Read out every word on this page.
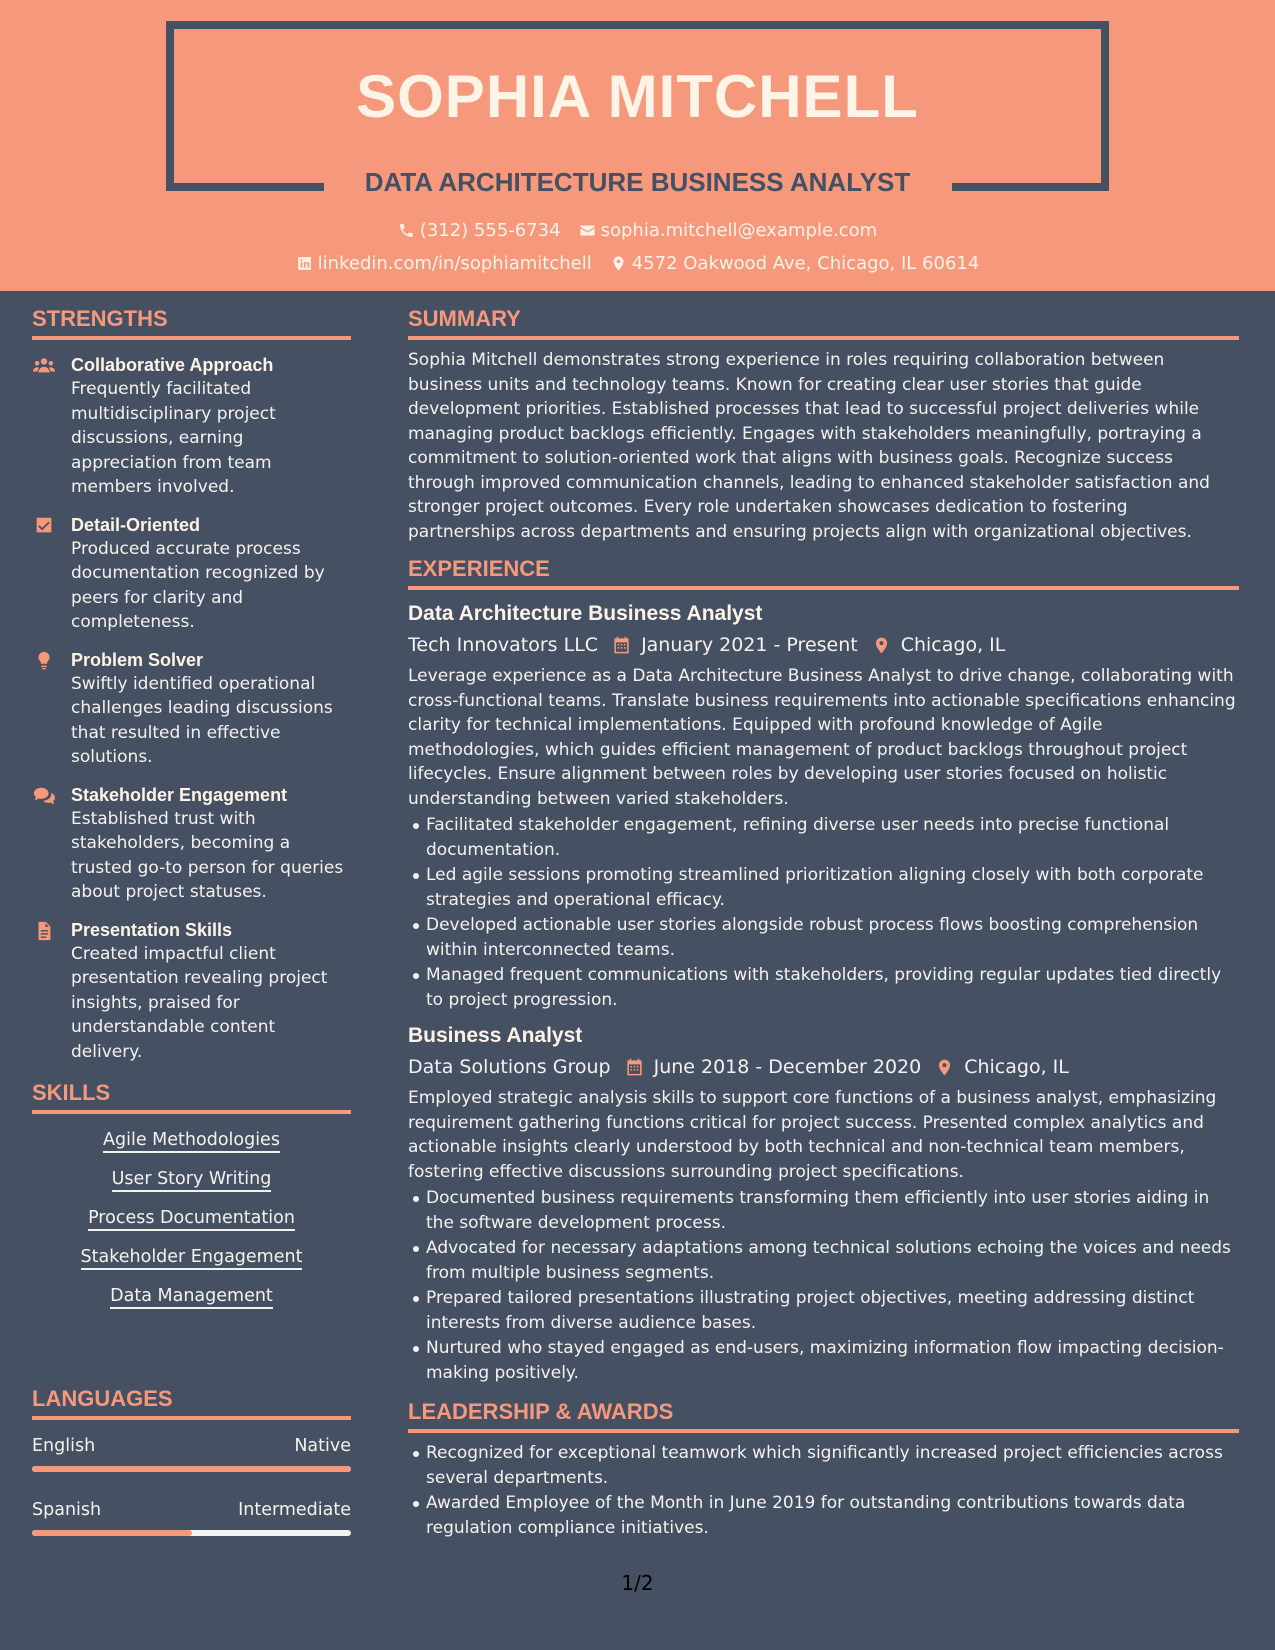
SOPHIA MITCHELL
DATA ARCHITECTURE BUSINESS ANALYST
(312) 555-6734 sophia.mitchell@example.com
linkedin.com/in/sophiamitchell 4572 Oakwood Ave, Chicago, IL 60614
STRENGTHS
Collaborative Approach
Frequently facilitated multidisciplinary project discussions, earning appreciation from team members involved.
Detail-Oriented
Produced accurate process documentation recognized by peers for clarity and completeness.
Problem Solver
Swiftly identified operational challenges leading discussions that resulted in effective solutions.
Stakeholder Engagement
Established trust with stakeholders, becoming a trusted go-to person for queries about project statuses.
Presentation Skills
Created impactful client presentation revealing project insights, praised for understandable content delivery.
SKILLS
Agile Methodologies
User Story Writing
Process Documentation
Stakeholder Engagement
Data Management
LANGUAGES
English	Native
Spanish	Intermediate
SUMMARY
Sophia Mitchell demonstrates strong experience in roles requiring collaboration between business units and technology teams. Known for creating clear user stories that guide development priorities. Established processes that lead to successful project deliveries while managing product backlogs efficiently. Engages with stakeholders meaningfully, portraying a commitment to solution-oriented work that aligns with business goals. Recognize success through improved communication channels, leading to enhanced stakeholder satisfaction and stronger project outcomes. Every role undertaken showcases dedication to fostering partnerships across departments and ensuring projects align with organizational objectives.
EXPERIENCE
Data Architecture Business Analyst
Tech Innovators LLC January 2021 - Present Chicago, IL
Leverage experience as a Data Architecture Business Analyst to drive change, collaborating with cross-functional teams. Translate business requirements into actionable specifications enhancing clarity for technical implementations. Equipped with profound knowledge of Agile methodologies, which guides efficient management of product backlogs throughout project lifecycles. Ensure alignment between roles by developing user stories focused on holistic understanding between varied stakeholders.
Facilitated stakeholder engagement, refining diverse user needs into precise functional documentation.
Led agile sessions promoting streamlined prioritization aligning closely with both corporate strategies and operational efficacy.
Developed actionable user stories alongside robust process flows boosting comprehension within interconnected teams.
Managed frequent communications with stakeholders, providing regular updates tied directly to project progression.
Business Analyst
Data Solutions Group June 2018 - December 2020 Chicago, IL
Employed strategic analysis skills to support core functions of a business analyst, emphasizing requirement gathering functions critical for project success. Presented complex analytics and actionable insights clearly understood by both technical and non-technical team members, fostering effective discussions surrounding project specifications.
Documented business requirements transforming them efficiently into user stories aiding in the software development process.
Advocated for necessary adaptations among technical solutions echoing the voices and needs from multiple business segments.
Prepared tailored presentations illustrating project objectives, meeting addressing distinct interests from diverse audience bases.
Nurtured who stayed engaged as end-users, maximizing information flow impacting decision-making positively.
LEADERSHIP & AWARDS
Recognized for exceptional teamwork which significantly increased project efficiencies across several departments.
Awarded Employee of the Month in June 2019 for outstanding contributions towards data regulation compliance initiatives.
1/2
